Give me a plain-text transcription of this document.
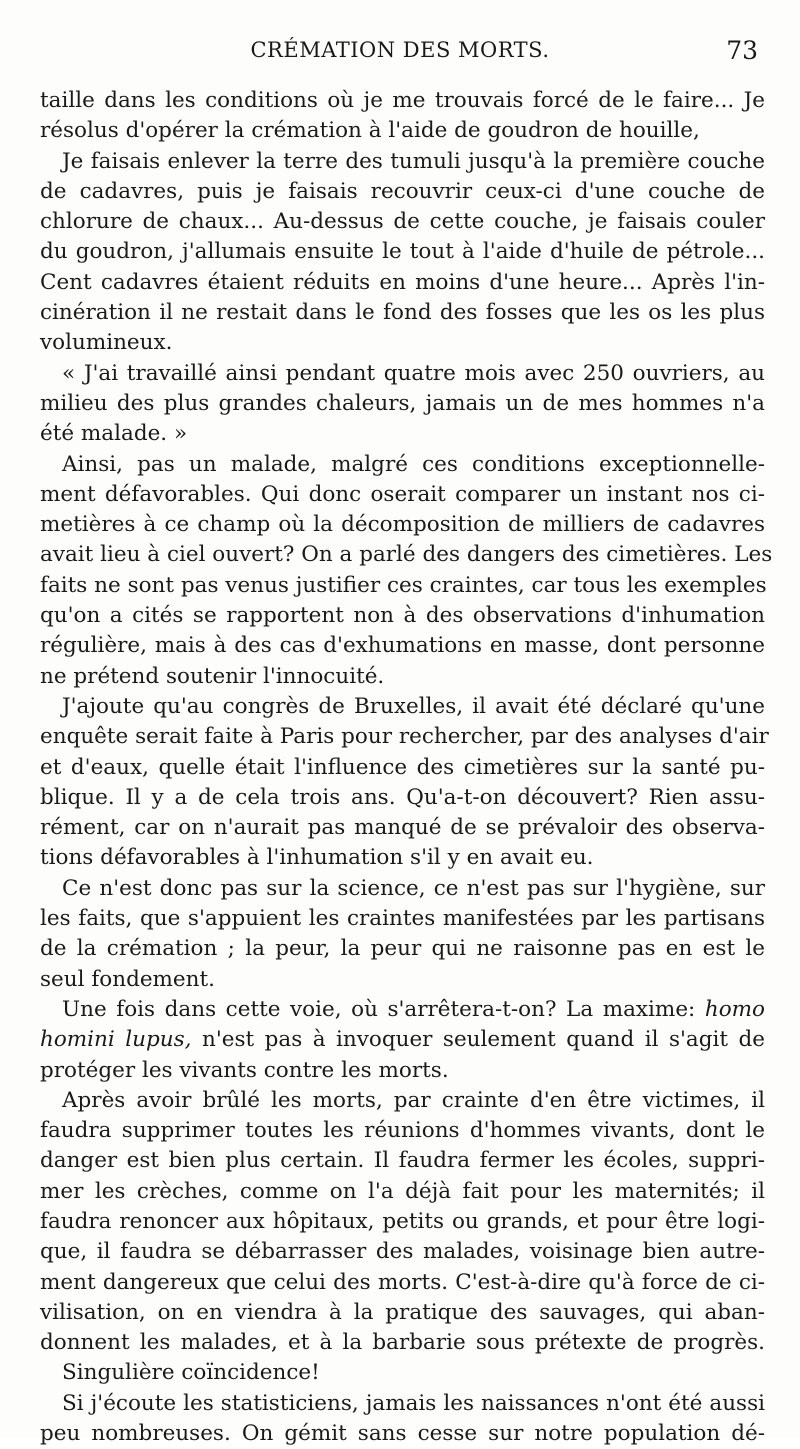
CRÉMATION DES MORTS.	73
taille dans les conditions où je me trouvais forcé de le faire... Je
résolus d'opérer la crémation à l'aide de goudron de houille,
Je faisais enlever la terre des tumuli jusqu'à la première couche
de cadavres, puis je faisais recouvrir ceux-ci d'une couche de
chlorure de chaux... Au-dessus de cette couche, je faisais couler
du goudron, j'allumais ensuite le tout à l'aide d'huile de pétrole...
Cent cadavres étaient réduits en moins d'une heure... Après l'in-
cinération il ne restait dans le fond des fosses que les os les plus
volumineux.
« J'ai travaillé ainsi pendant quatre mois avec 250 ouvriers, au
milieu des plus grandes chaleurs, jamais un de mes hommes n'a
été malade. »
Ainsi, pas un malade, malgré ces conditions exceptionnelle-
ment défavorables. Qui donc oserait comparer un instant nos ci-
metières à ce champ où la décomposition de milliers de cadavres
avait lieu à ciel ouvert? On a parlé des dangers des cimetières. Les
faits ne sont pas venus justifier ces craintes, car tous les exemples
qu'on a cités se rapportent non à des observations d'inhumation
régulière, mais à des cas d'exhumations en masse, dont personne
ne prétend soutenir l'innocuité.
J'ajoute qu'au congrès de Bruxelles, il avait été déclaré qu'une
enquête serait faite à Paris pour rechercher, par des analyses d'air
et d'eaux, quelle était l'influence des cimetières sur la santé pu-
blique. Il y a de cela trois ans. Qu'a-t-on découvert? Rien assu-
rément, car on n'aurait pas manqué de se prévaloir des observa-
tions défavorables à l'inhumation s'il y en avait eu.
Ce n'est donc pas sur la science, ce n'est pas sur l'hygiène, sur
les faits, que s'appuient les craintes manifestées par les partisans
de la crémation ; la peur, la peur qui ne raisonne pas en est le
seul fondement.
Une fois dans cette voie, où s'arrêtera-t-on? La maxime: homo
homini lupus, n'est pas à invoquer seulement quand il s'agit de
protéger les vivants contre les morts.
Après avoir brûlé les morts, par crainte d'en être victimes, il
faudra supprimer toutes les réunions d'hommes vivants, dont le
danger est bien plus certain. Il faudra fermer les écoles, suppri-
mer les crèches, comme on l'a déjà fait pour les maternités; il
faudra renoncer aux hôpitaux, petits ou grands, et pour être logi-
que, il faudra se débarrasser des malades, voisinage bien autre-
ment dangereux que celui des morts. C'est-à-dire qu'à force de ci-
vilisation, on en viendra à la pratique des sauvages, qui aban-
donnent les malades, et à la barbarie sous prétexte de progrès.
Singulière coïncidence!
Si j'écoute les statisticiens, jamais les naissances n'ont été aussi
peu nombreuses. On gémit sans cesse sur notre population dé-
